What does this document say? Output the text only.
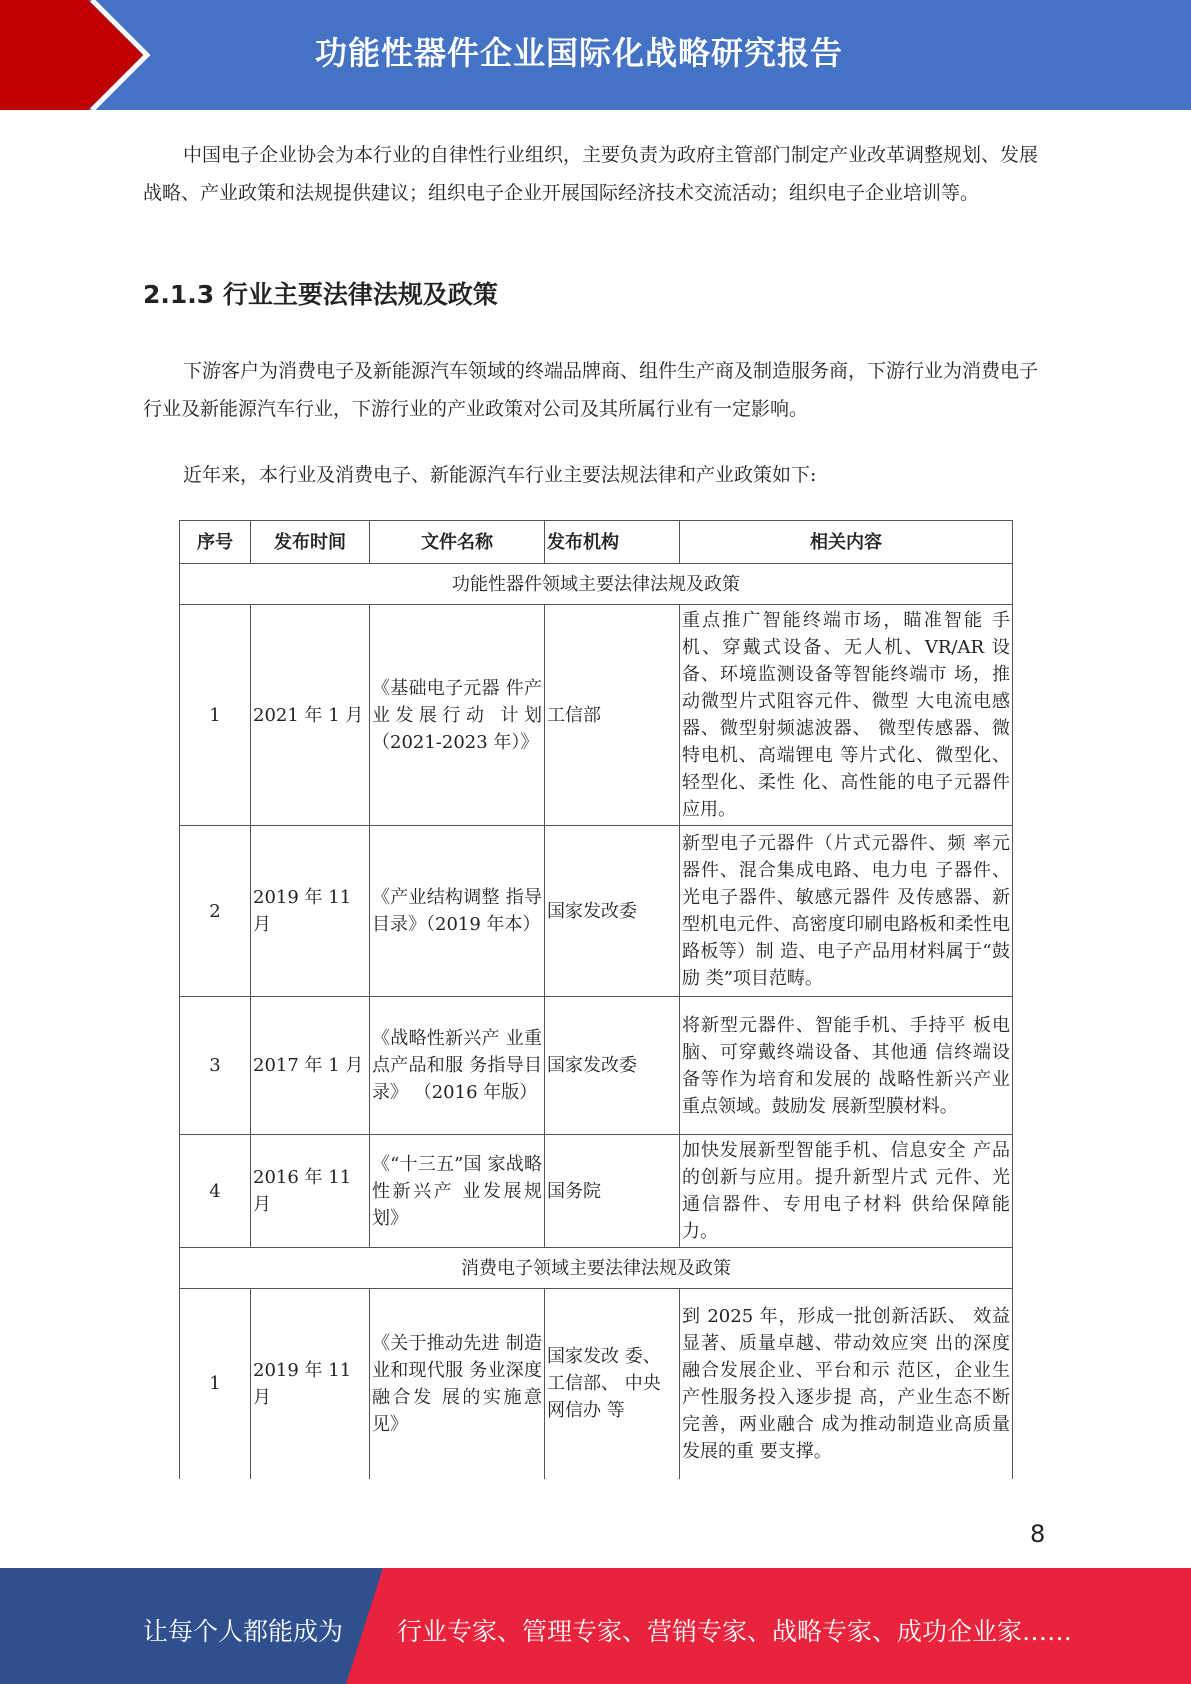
功能性器件企业国际化战略研究报告

中国电子企业协会为本行业的自律性行业组织，主要负责为政府主管部门制定产业改革调整规划、发展战略、产业政策和法规提供建议；组织电子企业开展国际经济技术交流活动；组织电子企业培训等。

2.1.3 行业主要法律法规及政策

下游客户为消费电子及新能源汽车领域的终端品牌商、组件生产商及制造服务商，下游行业为消费电子行业及新能源汽车行业，下游行业的产业政策对公司及其所属行业有一定影响。

近年来，本行业及消费电子、新能源汽车行业主要法规法律和产业政策如下:

序号	发布时间	文件名称	发布机构	相关内容
功能性器件领域主要法律法规及政策				
1	2021 年 1 月	《基础电子元器 件产业发展行动 计划（2021-2023 年）》	工信部	重点推广智能终端市场，瞄准智能 手机、穿戴式设备、无人机、VR/AR 设备、环境监测设备等智能终端市 场，推动微型片式阻容元件、微型 大电流电感器、微型射频滤波器、 微型传感器、微特电机、高端锂电 等片式化、微型化、轻型化、柔性 化、高性能的电子元器件应用。
2	2019 年 11 月	《产业结构调整 指导目录》（2019 年本）	国家发改委	新型电子元器件（片式元器件、频 率元器件、混合集成电路、电力电 子器件、光电子器件、敏感元器件 及传感器、新型机电元件、高密度印刷电路板和柔性电路板等）制 造、电子产品用材料属于“鼓励 类”项目范畴。
3	2017 年 1 月	《战略性新兴产 业重点产品和服 务指导目录》 （2016 年版）	国家发改委	将新型元器件、智能手机、手持平 板电脑、可穿戴终端设备、其他通 信终端设备等作为培育和发展的 战略性新兴产业重点领域。鼓励发 展新型膜材料。
4	2016 年 11 月	《“十三五”国 家战略性新兴产 业发展规划》	国务院	加快发展新型智能手机、信息安全 产品的创新与应用。提升新型片式 元件、光通信器件、专用电子材料 供给保障能力。
消费电子领域主要法律法规及政策				
1	2019 年 11 月	《关于推动先进 制造业和现代服 务业深度融合发 展的实施意见》	国家发改 委、工信部、 中央网信办 等	到 2025 年，形成一批创新活跃、 效益显著、质量卓越、带动效应突 出的深度融合发展企业、平台和示 范区，企业生产性服务投入逐步提 高，产业生态不断完善，两业融合 成为推动制造业高质量发展的重 要支撑。
8
让每个人都能成为 行业专家、管理专家、营销专家、战略专家、成功企业家……
